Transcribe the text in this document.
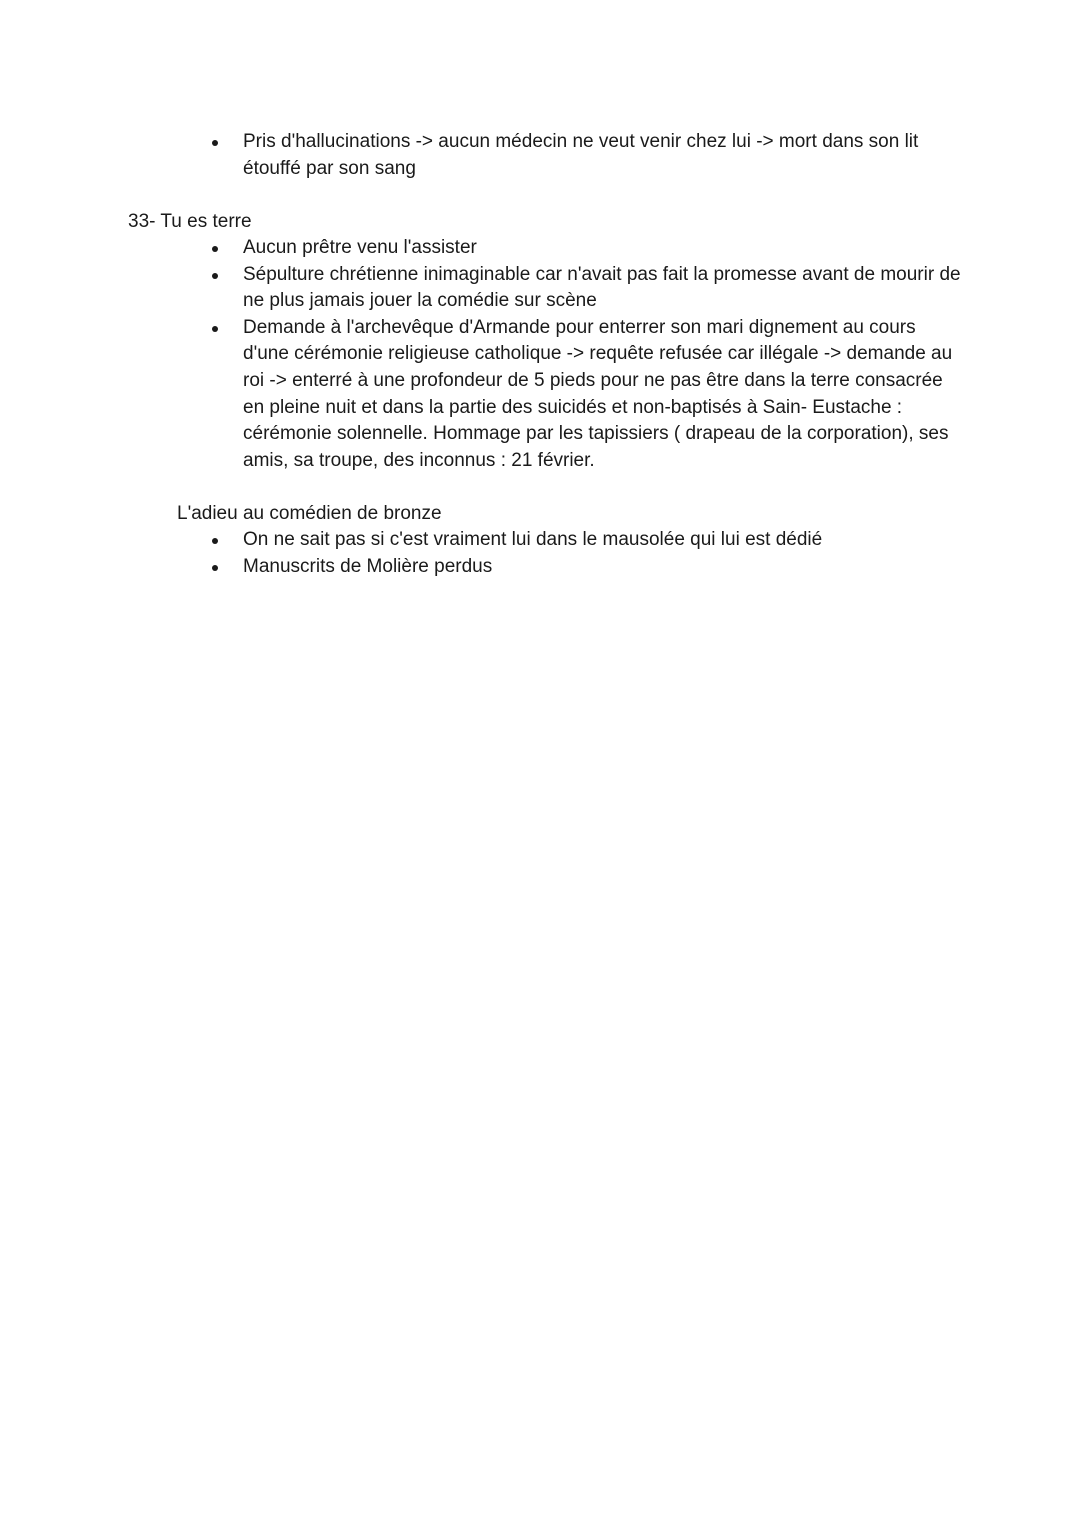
Pris d'hallucinations -> aucun médecin ne veut venir chez lui -> mort dans son lit étouffé par son sang
33- Tu es terre
Aucun prêtre venu l'assister
Sépulture chrétienne inimaginable car n'avait pas fait la promesse avant de mourir de ne plus jamais jouer la comédie sur scène
Demande à l'archevêque d'Armande pour enterrer son mari dignement au cours d'une cérémonie religieuse catholique -> requête refusée car illégale -> demande au roi -> enterré à une profondeur de 5 pieds pour ne pas être dans la terre consacrée en pleine nuit et dans la partie des suicidés et non-baptisés à Sain- Eustache : cérémonie solennelle. Hommage par les tapissiers ( drapeau de la corporation), ses amis, sa troupe, des inconnus : 21 février.
L'adieu au comédien de bronze
On ne sait pas si c'est vraiment lui dans le mausolée qui lui est dédié
Manuscrits de Molière perdus
